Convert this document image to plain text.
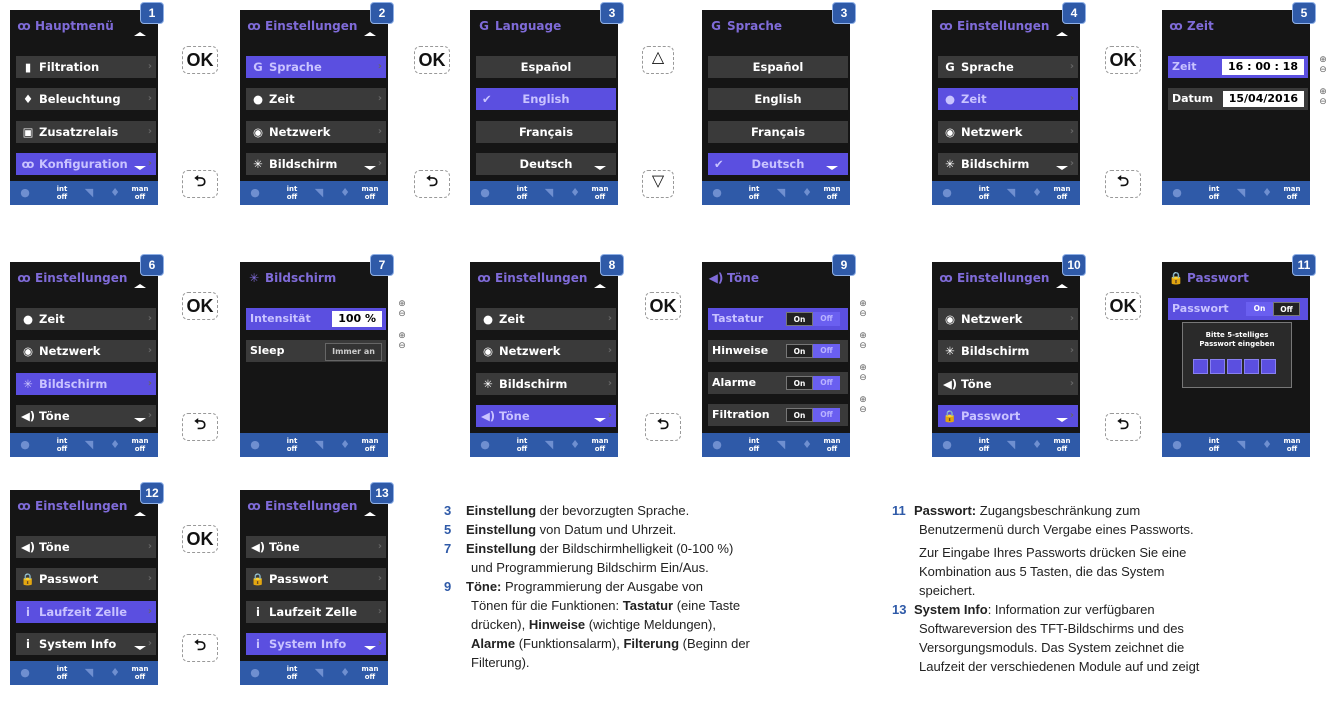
1
ꝏ Hauptmenü
▮ Filtration	›
♦ Beleuchtung	›
▣ Zusatzrelais	›
ꝏ Konfiguration ›
●	int
off	◥	♦	man
off
2
ꝏ Einstellungen
G Sprache	›
● Zeit	›
◉ Netzwerk	›
✳ Bildschirm	›
●	int
off	◥	♦	man
off
3
G Language
Español
✔	English
Français
Deutsch
●	int
off	◥	♦	man
off
3
G Sprache
Español
English
Français
✔ Deutsch
●	int
off	◥	♦	man
off
4
ꝏ Einstellungen
G Sprache	›
● Zeit	›
◉ Netzwerk	›
✳ Bildschirm	›
●	int
off	◥	♦	man
off
5
ꝏ Zeit
Zeit	16 : 00 : 18
Datum	15/04/2016
●	int
off	◥	♦	man
off
6
ꝏ Einstellungen
● Zeit	›
◉ Netzwerk	›
✳ Bildschirm	›
◀) Töne	›
●	int
off	◥	♦	man
off
7
✳ Bildschirm
Intensität	100 %
Sleep	Immer an
●	int
off	◥	♦	man
off
8
ꝏ Einstellungen
● Zeit	›
◉ Netzwerk	›
✳ Bildschirm	›
◀) Töne	›
●	int
off	◥	♦	man
off
9
◀) Töne
Tastatur	On Off
Hinweise	On Off
Alarme	On Off
Filtration	On Off
●	int
off	◥	♦	man
off
10
ꝏ Einstellungen
◉ Netzwerk	›
✳ Bildschirm	›
◀) Töne	›
🔒 Passwort	›
●	int
off	◥	♦	man
off
11
🔒 Passwort
Passwort	On Off
Bitte 5-stelliges
Passwort eingeben
●	int
off	◥	♦	man
off
12
ꝏ Einstellungen
◀) Töne	›
🔒 Passwort	›
i Laufzeit Zelle ›
i System Info	›
●	int
off	◥	♦	man
off
13
ꝏ Einstellungen
◀) Töne	›
🔒 Passwort	›
i Laufzeit Zelle ›
i System Info	›
●	int
off	◥	♦	man
off
OK	OK	OK
OK	OK	OK
OK
⮌	⮌	⮌
⮌	⮌	⮌
⮌
△
▽
⊕
⊖
⊕
⊖
⊕
⊖
⊕
⊖
⊕
⊖
⊕
⊖
⊕
⊖
⊕
⊖
3 Einstellung der bevorzugten Sprache.
5 Einstellung von Datum und Uhrzeit.
7 Einstellung der Bildschirmhelligkeit (0-100 %)
und Programmierung Bildschirm Ein/Aus.
9 Töne: Programmierung der Ausgabe von
Tönen für die Funktionen: Tastatur (eine Taste
drücken), Hinweise (wichtige Meldungen),
Alarme (Funktionsalarm), Filterung (Beginn der
Filterung).
11 Passwort: Zugangsbeschränkung zum
Benutzermenü durch Vergabe eines Passworts.
Zur Eingabe Ihres Passworts drücken Sie eine
Kombination aus 5 Tasten, die das System
speichert.
13 System Info: Information zur verfügbaren
Softwareversion des TFT-Bildschirms und des
Versorgungsmoduls. Das System zeichnet die
Laufzeit der verschiedenen Module auf und zeigt
